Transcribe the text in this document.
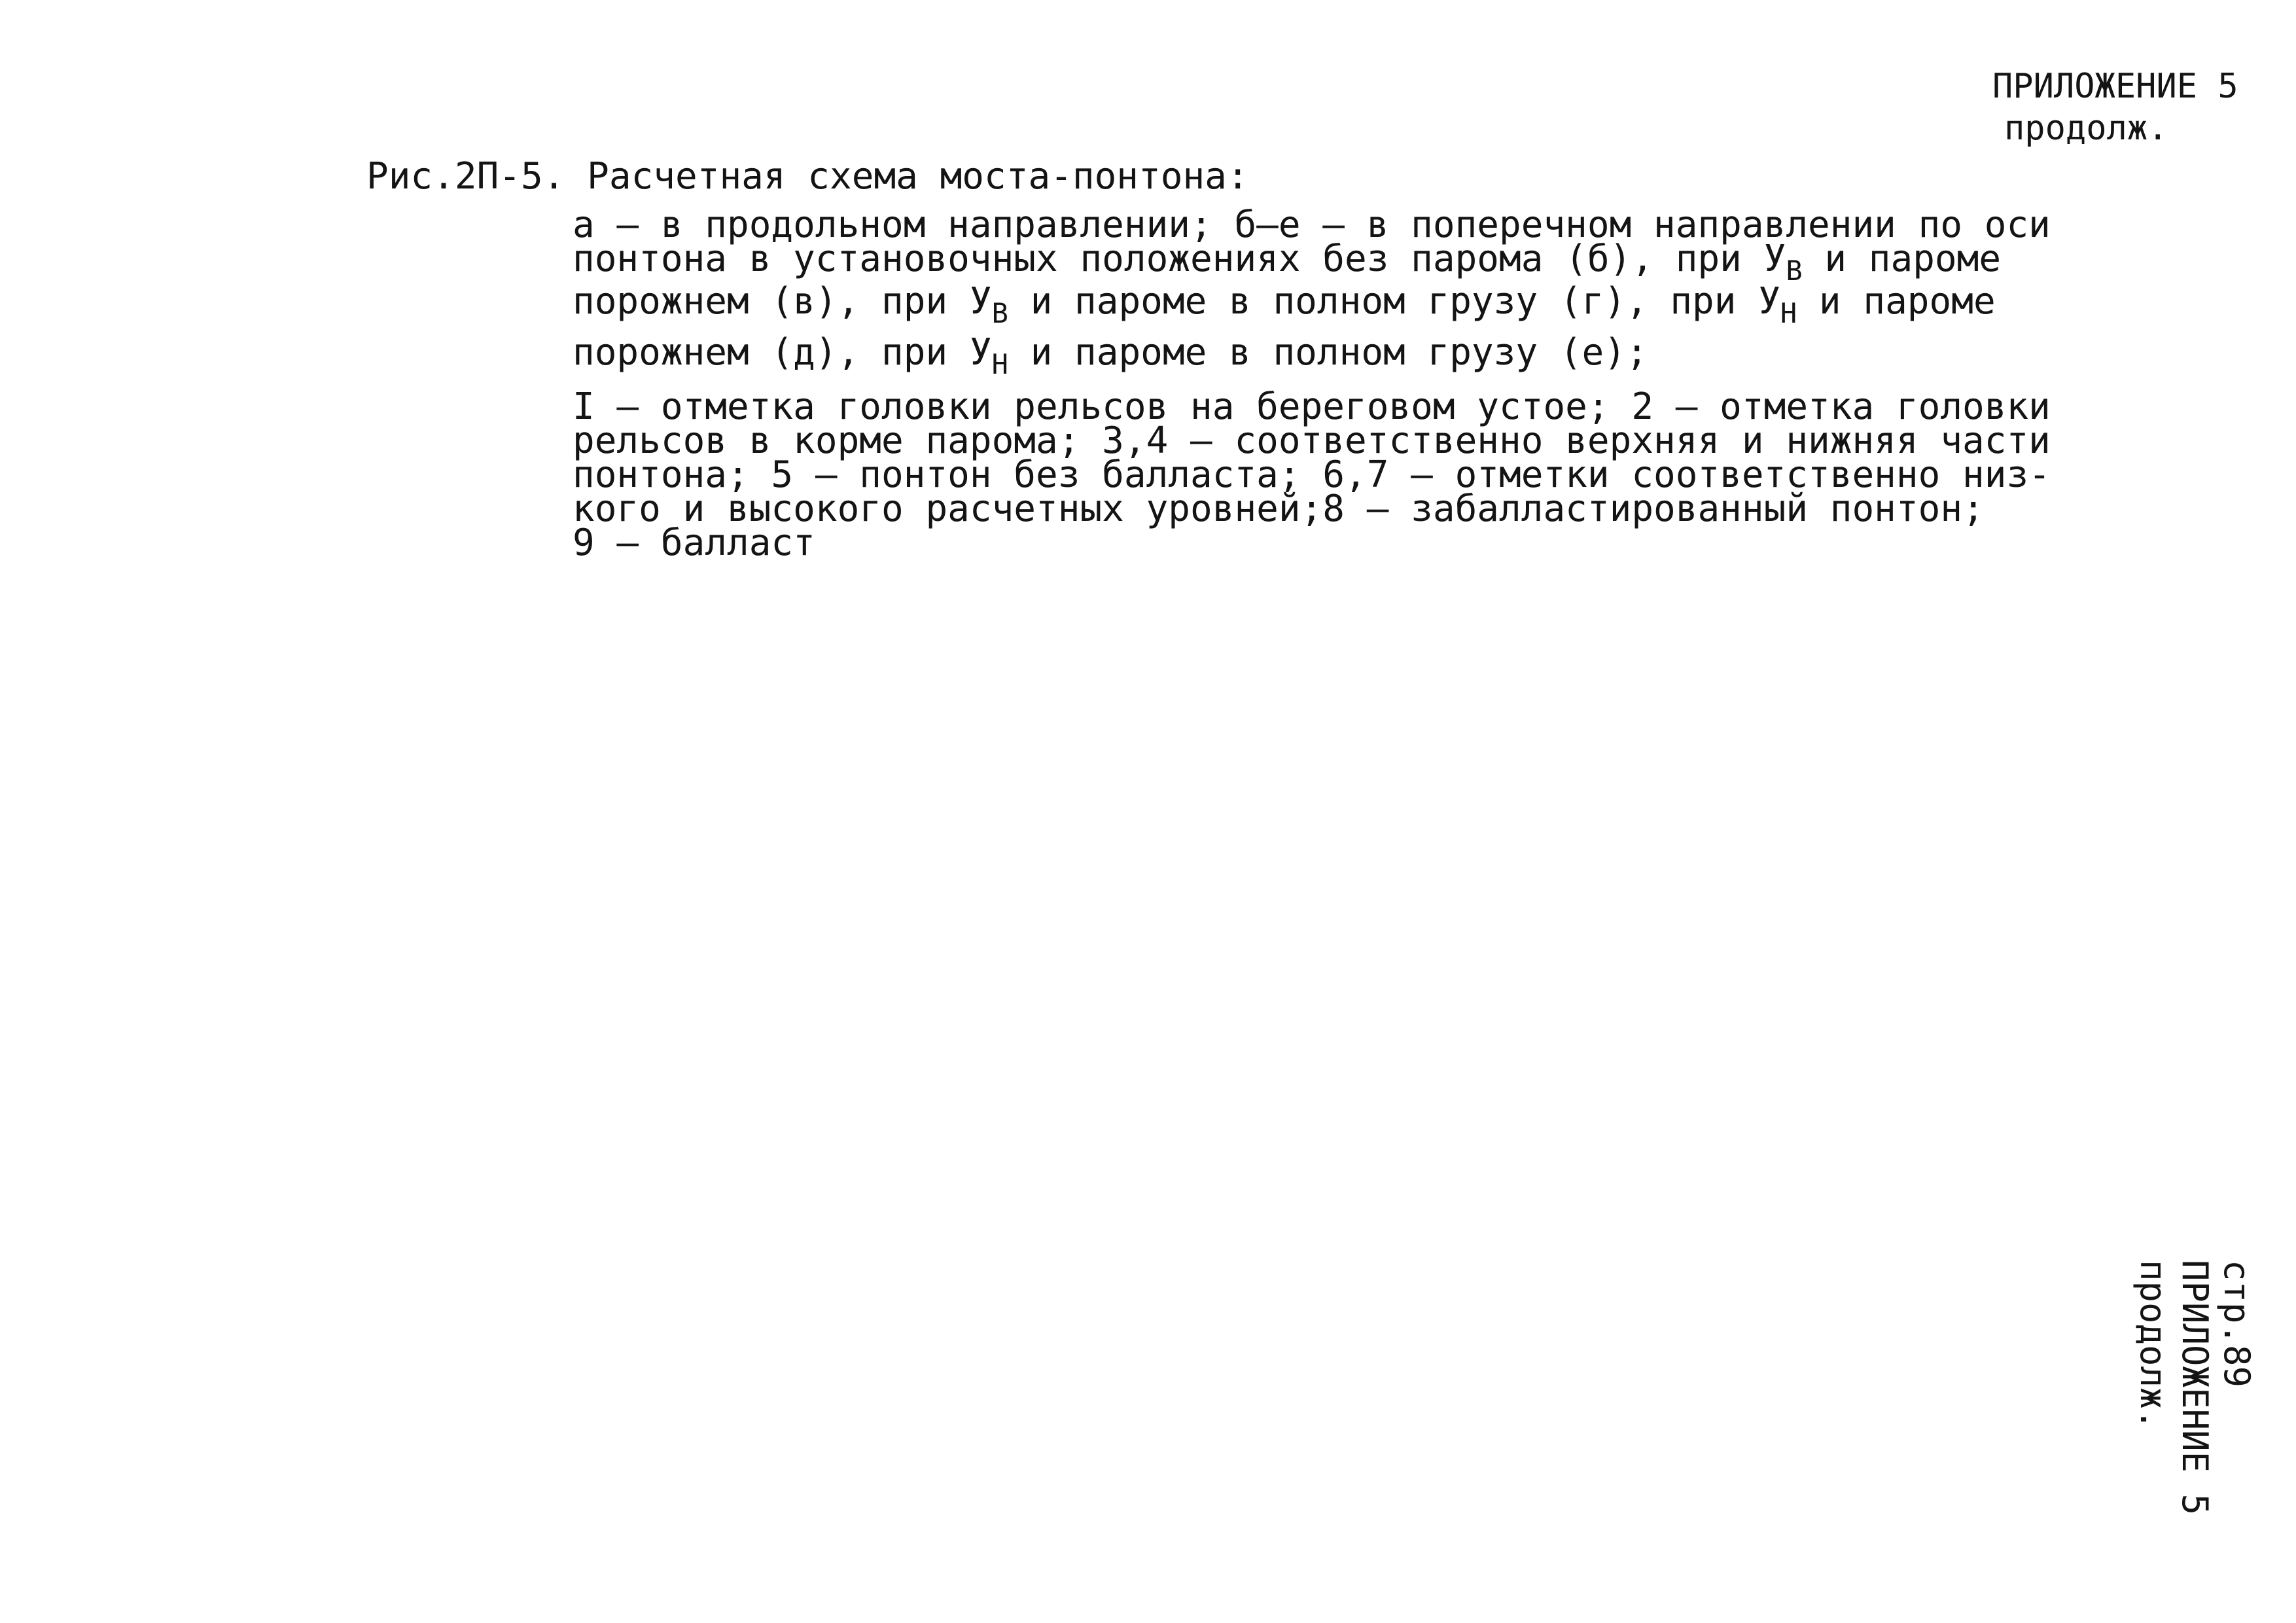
ПРИЛОЖЕНИЕ 5
продолж.
Рис.2П-5. Расчетная схема моста-понтона:

а – в продольном направлении; б–е – в поперечном направлении по оси
понтона в установочных положениях без парома (б), при $У_В$ и пароме
порожнем (в), при $У_В$ и пароме в полном грузу (г), при $У_Н$ и пароме
порожнем (д), при $У_Н$ и пароме в полном грузу (е);

I – отметка головки рельсов на береговом устое; 2 – отметка головки
рельсов в корме парома; 3,4 – соответственно верхняя и нижняя части
понтона; 5 – понтон без балласта; 6,7 – отметки соответственно низ-
кого и высокого расчетных уровней;8 – забалластированный понтон;
9 – балласт

стр.89
ПРИЛОЖЕНИЕ 5
продолж.
